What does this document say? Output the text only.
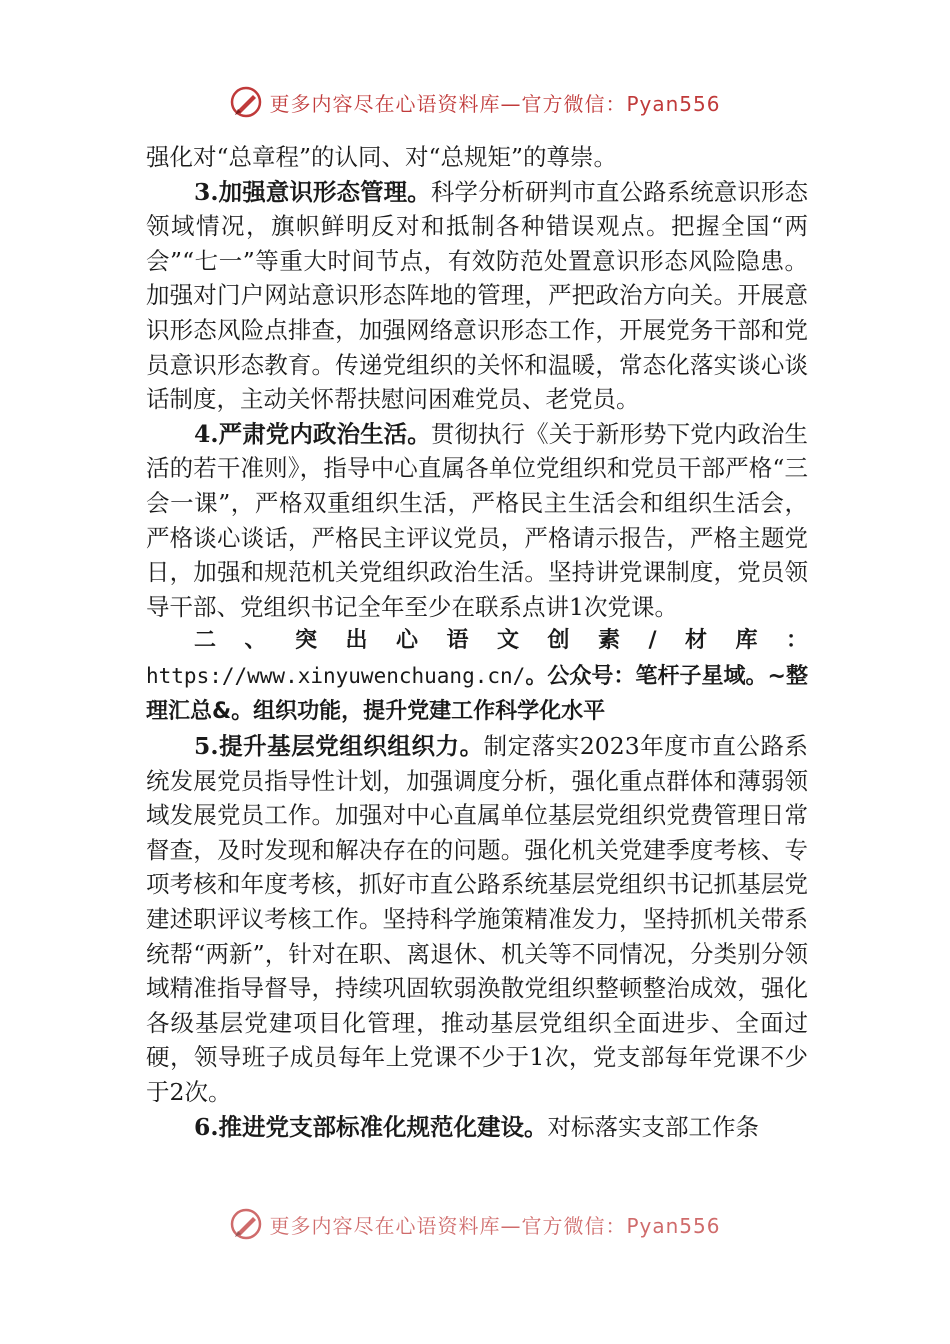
更多内容尽在心语资料库—官方微信：Pyan556

强化对“总章程”的认同、对“总规矩”的尊崇。

3.加强意识形态管理。科学分析研判市直公路系统意识形态领域情况，旗帜鲜明反对和抵制各种错误观点。把握全国“两会”“七一”等重大时间节点，有效防范处置意识形态风险隐患。加强对门户网站意识形态阵地的管理，严把政治方向关。开展意识形态风险点排查，加强网络意识形态工作，开展党务干部和党员意识形态教育。传递党组织的关怀和温暖，常态化落实谈心谈话制度，主动关怀帮扶慰问困难党员、老党员。

4.严肃党内政治生活。贯彻执行《关于新形势下党内政治生活的若干准则》，指导中心直属各单位党组织和党员干部严格“三会一课”，严格双重组织生活，严格民主生活会和组织生活会，严格谈心谈话，严格民主评议党员，严格请示报告，严格主题党日，加强和规范机关党组织政治生活。坚持讲党课制度，党员领导干部、党组织书记全年至少在联系点讲1次党课。

二、突出心语文创素/材库：https://www.xinyuwenchuang.cn/。公众号：笔杆子星域。~整理汇总&。组织功能，提升党建工作科学化水平

5.提升基层党组织组织力。制定落实2023年度市直公路系统发展党员指导性计划，加强调度分析，强化重点群体和薄弱领域发展党员工作。加强对中心直属单位基层党组织党费管理日常督查，及时发现和解决存在的问题。强化机关党建季度考核、专项考核和年度考核，抓好市直公路系统基层党组织书记抓基层党建述职评议考核工作。坚持科学施策精准发力，坚持抓机关带系统帮“两新”，针对在职、离退休、机关等不同情况，分类别分领域精准指导督导，持续巩固软弱涣散党组织整顿整治成效，强化各级基层党建项目化管理，推动基层党组织全面进步、全面过硬，领导班子成员每年上党课不少于1次，党支部每年党课不少于2次。

6.推进党支部标准化规范化建设。对标落实支部工作条

更多内容尽在心语资料库—官方微信：Pyan556
